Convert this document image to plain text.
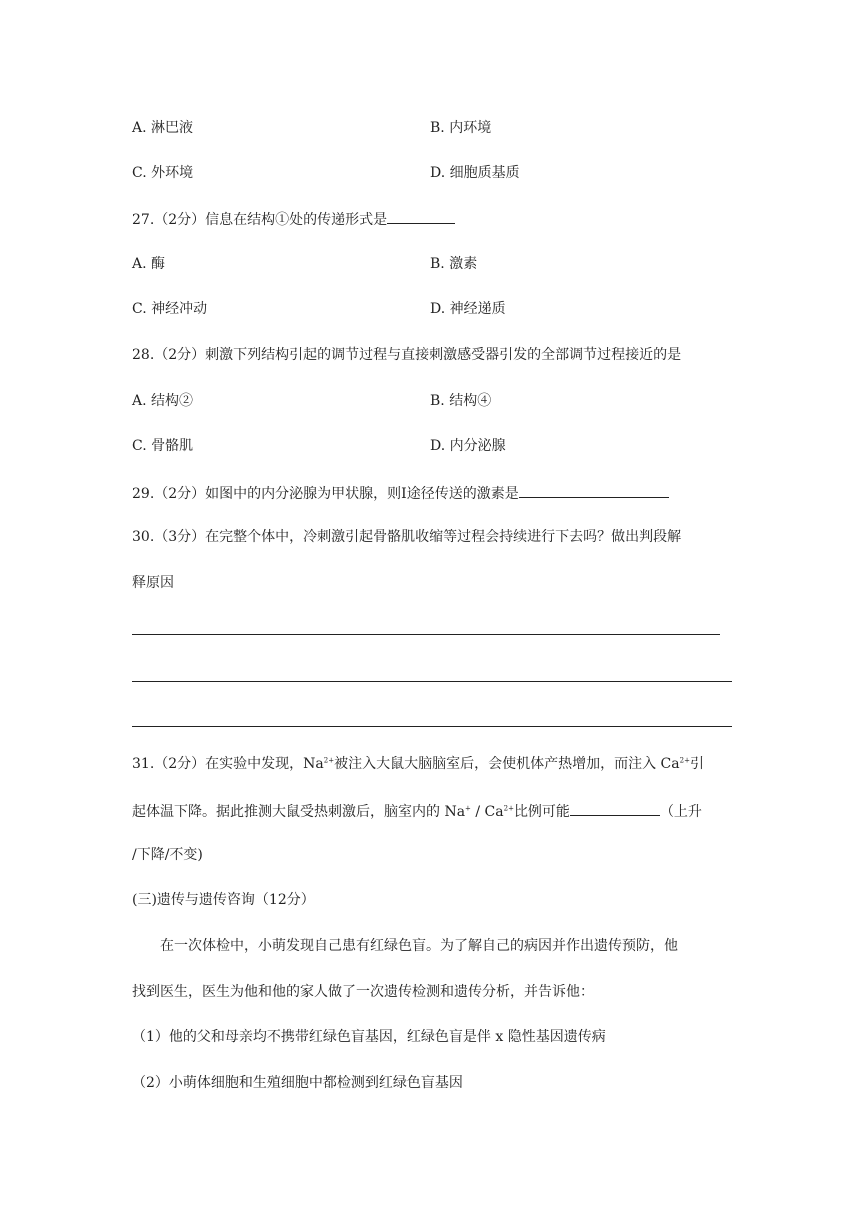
A. 淋巴液	B. 内环境
C. 外环境	D. 细胞质基质
27.（2分）信息在结构①处的传递形式是
A. 酶	B. 激素
C. 神经冲动	D. 神经递质
28.（2分）刺激下列结构引起的调节过程与直接刺激感受器引发的全部调节过程接近的是
A. 结构②	B. 结构④
C. 骨骼肌	D. 内分泌腺
29.（2分）如图中的内分泌腺为甲状腺，则Ⅰ途径传送的激素是
30.（3分）在完整个体中，冷刺激引起骨骼肌收缩等过程会持续进行下去吗？做出判段解
释原因
31.（2分）在实验中发现，$Na^{2+}$被注入大鼠大脑脑室后，会使机体产热增加，而注入 $Ca^{2+}$引
起体温下降。据此推测大鼠受热刺激后，脑室内的 $Na^+ / Ca^{2+}$比例可能	（上升
/下降/不变)
(三)遗传与遗传咨询（12分）
在一次体检中，小萌发现自己患有红绿色盲。为了解自己的病因并作出遗传预防，他
找到医生，医生为他和他的家人做了一次遗传检测和遗传分析，并告诉他：
（1）他的父和母亲均不携带红绿色盲基因，红绿色盲是伴 x 隐性基因遗传病
（2）小萌体细胞和生殖细胞中都检测到红绿色盲基因
